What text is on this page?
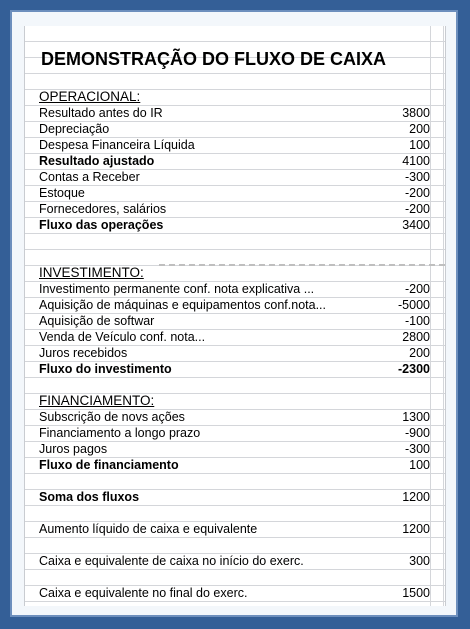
DEMONSTRAÇÃO DO FLUXO DE CAIXA
OPERACIONAL:
Resultado antes do IR	3800
Depreciação	200
Despesa Financeira Líquida	100
Resultado ajustado	4100
Contas a Receber	-300
Estoque	-200
Fornecedores, salários	-200
Fluxo das operações	3400
INVESTIMENTO:
Investimento permanente conf. nota explicativa ...	-200
Aquisição de máquinas e equipamentos conf.nota...	-5000
Aquisição de softwar	-100
Venda de Veículo conf. nota...	2800
Juros recebidos	200
Fluxo do investimento	-2300
FINANCIAMENTO:
Subscrição de novs ações	1300
Financiamento a longo prazo	-900
Juros pagos	-300
Fluxo de financiamento	100
Soma dos fluxos	1200
Aumento líquido de caixa e equivalente	1200
Caixa e equivalente de caixa no início do exerc.	300
Caixa e equivalente no final do exerc.	1500
